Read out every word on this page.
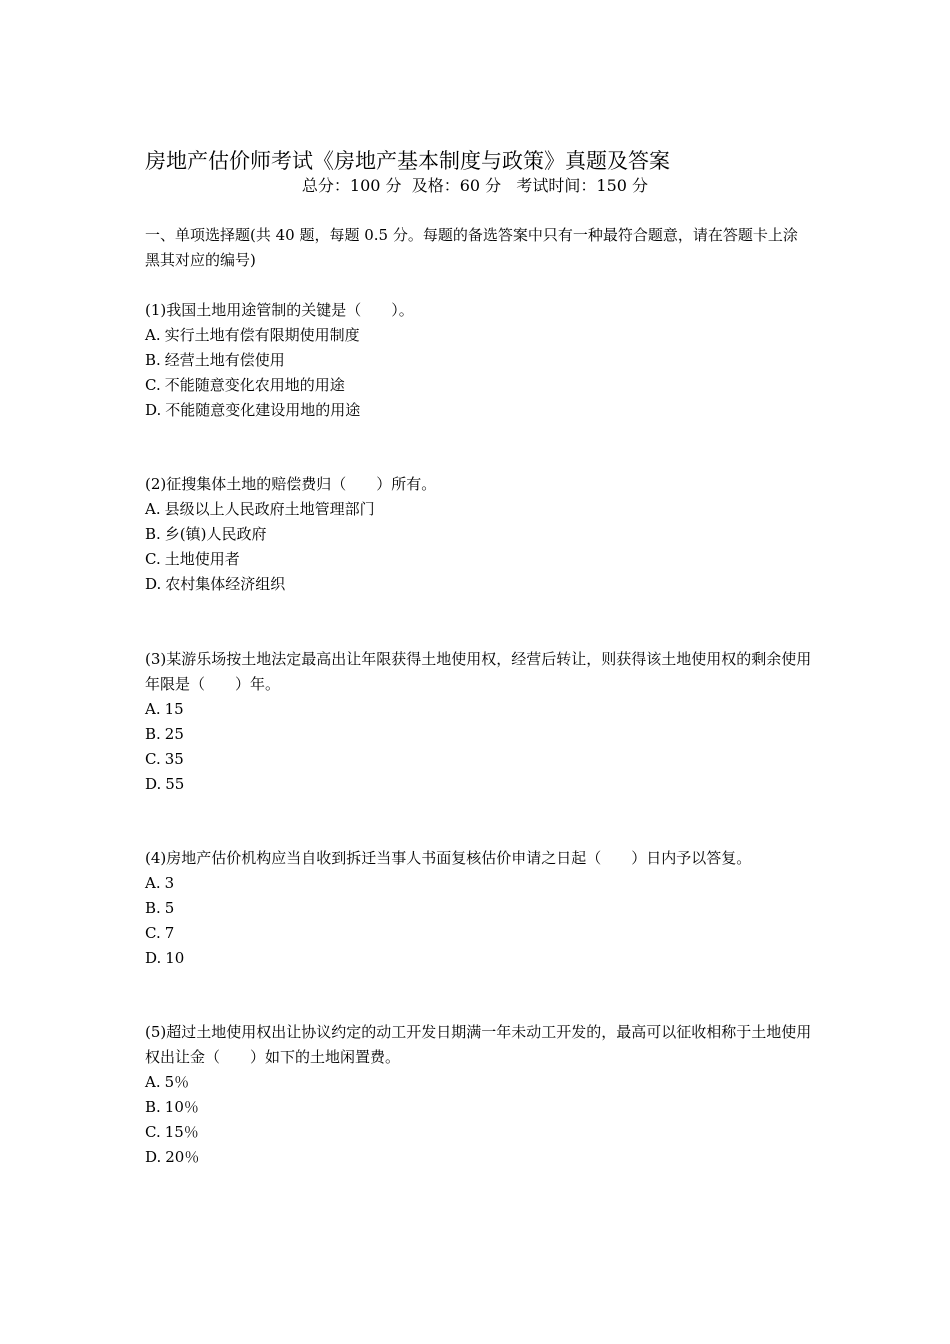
房地产估价师考试《房地产基本制度与政策》真题及答案
总分：100 分  及格：60 分   考试时间：150 分
一、单项选择题(共 40 题，每题 0.5 分。每题的备选答案中只有一种最符合题意，请在答题卡上涂黑其对应的编号)
(1)我国土地用途管制的关键是（　　）。
A. 实行土地有偿有限期使用制度
B. 经营土地有偿使用
C. 不能随意变化农用地的用途
D. 不能随意变化建设用地的用途
(2)征搜集体土地的赔偿费归（　　）所有。
A. 县级以上人民政府土地管理部门
B. 乡(镇)人民政府
C. 土地使用者
D. 农村集体经济组织
(3)某游乐场按土地法定最高出让年限获得土地使用权，经营后转让，则获得该土地使用权的剩余使用年限是（　　）年。
A. 15
B. 25
C. 35
D. 55
(4)房地产估价机构应当自收到拆迁当事人书面复核估价申请之日起（　　）日内予以答复。
A. 3
B. 5
C. 7
D. 10
(5)超过土地使用权出让协议约定的动工开发日期满一年未动工开发的，最高可以征收相称于土地使用权出让金（　　）如下的土地闲置费。
A. 5％
B. 10％
C. 15％
D. 20％
